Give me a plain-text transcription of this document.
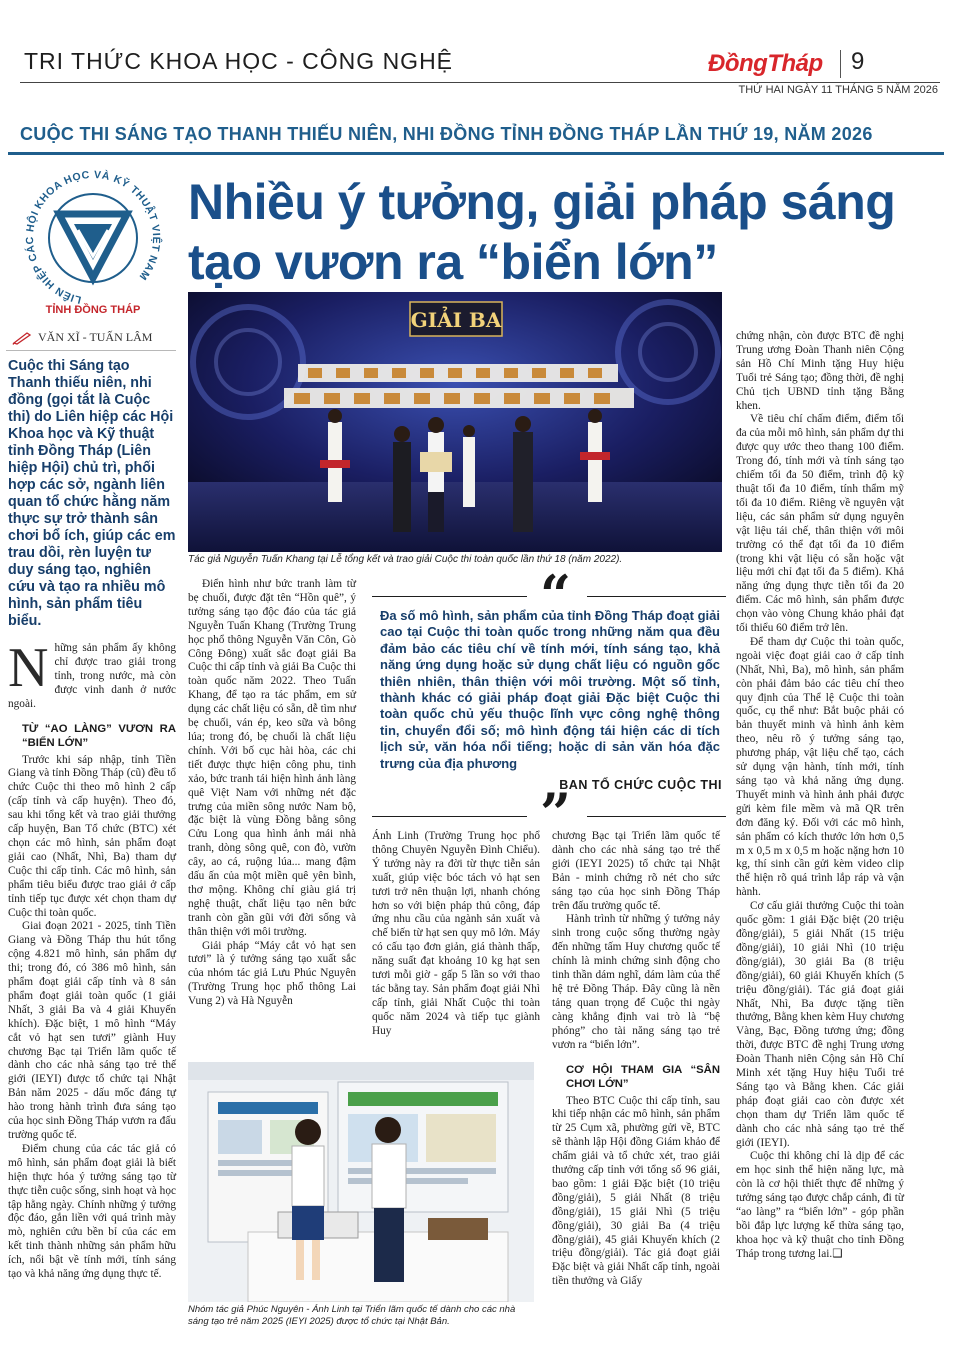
TRI THỨC KHOA HỌC - CÔNG NGHỆ	ĐồngTháp 9
THỨ HAI NGÀY 11 THÁNG 5 NĂM 2026
CUỘC THI SÁNG TẠO THANH THIẾU NIÊN, NHI ĐỒNG TỈNH ĐỒNG THÁP LẦN THỨ 19, NĂM 2026
LIÊN HIỆP CÁC HỘI KHOA HỌC VÀ KỸ THUẬT VIỆT NAM
TỈNH ĐỒNG THÁP
Nhiều ý tưởng, giải pháp sáng tạo vươn ra “biển lớn”
VĂN XĨ - TUẤN LÂM
Cuộc thi Sáng tạo Thanh thiếu niên, nhi đồng (gọi tắt là Cuộc thi) do Liên hiệp các Hội Khoa học và Kỹ thuật tỉnh Đồng Tháp (Liên hiệp Hội) chủ trì, phối hợp các sở, ngành liên quan tổ chức hằng năm thực sự trở thành sân chơi bổ ích, giúp các em trau dồi, rèn luyện tư duy sáng tạo, nghiên cứu và tạo ra nhiều mô hình, sản phẩm tiêu biểu.

Những sản phẩm ấy không chỉ được trao giải trong tỉnh, trong nước, mà còn được vinh danh ở nước ngoài.

TỪ “AO LÀNG” VƯƠN RA “BIỂN LỚN”

Trước khi sáp nhập, tỉnh Tiền Giang và tỉnh Đồng Tháp (cũ) đều tổ chức Cuộc thi theo mô hình 2 cấp (cấp tỉnh và cấp huyện). Theo đó, sau khi tổng kết và trao giải thưởng cấp huyện, Ban Tổ chức (BTC) xét chọn các mô hình, sản phẩm đoạt giải cao (Nhất, Nhì, Ba) tham dự Cuộc thi cấp tỉnh. Các mô hình, sản phẩm tiêu biểu được trao giải ở cấp tỉnh tiếp tục được xét chọn tham dự Cuộc thi toàn quốc.

Giai đoạn 2021 - 2025, tỉnh Tiền Giang và Đồng Tháp thu hút tổng cộng 4.821 mô hình, sản phẩm dự thi; trong đó, có 386 mô hình, sản phẩm đoạt giải cấp tỉnh và 8 sản phẩm đoạt giải toàn quốc (1 giải Nhất, 3 giải Ba và 4 giải Khuyến khích). Đặc biệt, 1 mô hình “Máy cắt vỏ hạt sen tươi” giành Huy chương Bạc tại Triển lãm quốc tế dành cho các nhà sáng tạo trẻ thế giới (IEYI) được tổ chức tại Nhật Bản năm 2025 - dấu mốc đáng tự hào trong hành trình đưa sáng tạo của học sinh Đồng Tháp vươn ra đấu trường quốc tế.

Điểm chung của các tác giả có mô hình, sản phẩm đoạt giải là biết hiện thực hóa ý tưởng sáng tạo từ thực tiễn cuộc sống, sinh hoạt và học tập hằng ngày. Chính những ý tưởng độc đáo, gắn liền với quá trình mày mò, nghiên cứu bền bỉ của các em kết tinh thành những sản phẩm hữu ích, nổi bật về tính mới, tính sáng tạo và khả năng ứng dụng thực tế.

GIẢI BA
Tác giả Nguyễn Tuấn Khang tại Lễ tổng kết và trao giải Cuộc thi toàn quốc lần thứ 18 (năm 2022).

Điển hình như bức tranh làm từ bẹ chuối, được đặt tên “Hồn quê”, ý tưởng sáng tạo độc đáo của tác giả Nguyễn Tuấn Khang (Trường Trung học phổ thông Nguyễn Văn Côn, Gò Công Đông) xuất sắc đoạt giải Ba Cuộc thi cấp tỉnh và giải Ba Cuộc thi toàn quốc năm 2022. Theo Tuấn Khang, để tạo ra tác phẩm, em sử dụng các chất liệu có sẵn, dễ tìm như bẹ chuối, ván ép, keo sữa và bông lúa; trong đó, bẹ chuối là chất liệu chính. Với bố cục hài hòa, các chi tiết được thực hiện công phu, tinh xảo, bức tranh tái hiện hình ảnh làng quê Việt Nam với những nét đặc trưng của miền sông nước Nam bộ, đặc biệt là vùng Đồng bằng sông Cửu Long qua hình ảnh mái nhà tranh, dòng sông quê, con đò, vườn cây, ao cá, ruộng lúa... mang đậm dấu ấn của một miền quê yên bình, thơ mộng. Không chỉ giàu giá trị nghệ thuật, chất liệu tạo nên bức tranh còn gần gũi với đời sống và thân thiện với môi trường.

Giải pháp “Máy cắt vỏ hạt sen tươi” là ý tưởng sáng tạo xuất sắc của nhóm tác giả Lưu Phúc Nguyên (Trường Trung học phổ thông Lai Vung 2) và Hà Nguyễn

“
Đa số mô hình, sản phẩm của tỉnh Đồng Tháp đoạt giải cao tại Cuộc thi toàn quốc trong những năm qua đều đảm bảo các tiêu chí về tính mới, tính sáng tạo, khả năng ứng dụng hoặc sử dụng chất liệu có nguồn gốc thiên nhiên, thân thiện với môi trường. Một số tỉnh, thành khác có giải pháp đoạt giải Đặc biệt Cuộc thi toàn quốc chủ yếu thuộc lĩnh vực công nghệ thông tin, chuyển đổi số; mô hình động tái hiện các di tích lịch sử, văn hóa nổi tiếng; hoặc di sản văn hóa đặc trưng của địa phương
BAN TỔ CHỨC CUỘC THI
”

Ánh Linh (Trường Trung học phổ thông Chuyên Nguyễn Đình Chiểu). Ý tưởng này ra đời từ thực tiễn sản xuất, giúp việc bóc tách vỏ hạt sen tươi trở nên thuận lợi, nhanh chóng hơn so với biện pháp thủ công, đáp ứng nhu cầu của ngành sản xuất và chế biến từ hạt sen quy mô lớn. Máy có cấu tạo đơn giản, giá thành thấp, năng suất đạt khoảng 10 kg hạt sen tươi mỗi giờ - gấp 5 lần so với thao tác bằng tay. Sản phẩm đoạt giải Nhì cấp tỉnh, giải Nhất Cuộc thi toàn quốc năm 2024 và tiếp tục giành Huy

Nhóm tác giả Phúc Nguyên - Ánh Linh tại Triển lãm quốc tế dành cho các nhà sáng tạo trẻ năm 2025 (IEYI 2025) được tổ chức tại Nhật Bản.

chương Bạc tại Triển lãm quốc tế dành cho các nhà sáng tạo trẻ thế giới (IEYI 2025) tổ chức tại Nhật Bản - minh chứng rõ nét cho sức sáng tạo của học sinh Đồng Tháp trên đấu trường quốc tế.

Hành trình từ những ý tưởng nảy sinh trong cuộc sống thường ngày đến những tấm Huy chương quốc tế chính là minh chứng sinh động cho tinh thần dám nghĩ, dám làm của thế hệ trẻ Đồng Tháp. Đây cũng là nền tảng quan trọng để Cuộc thi ngày càng khẳng định vai trò là “bệ phóng” cho tài năng sáng tạo trẻ vươn ra “biển lớn”.

CƠ HỘI THAM GIA “SÂN CHƠI LỚN”

Theo BTC Cuộc thi cấp tỉnh, sau khi tiếp nhận các mô hình, sản phẩm từ 25 Cụm xã, phường gửi về, BTC sẽ thành lập Hội đồng Giám khảo để chấm giải và tổ chức xét, trao giải thưởng cấp tỉnh với tổng số 96 giải, bao gồm: 1 giải Đặc biệt (10 triệu đồng/giải), 5 giải Nhất (8 triệu đồng/giải), 15 giải Nhì (5 triệu đồng/giải), 30 giải Ba (4 triệu đồng/giải), 45 giải Khuyến khích (2 triệu đồng/giải). Tác giả đoạt giải Đặc biệt và giải Nhất cấp tỉnh, ngoài tiền thưởng và Giấy

chứng nhận, còn được BTC đề nghị Trung ương Đoàn Thanh niên Cộng sản Hồ Chí Minh tặng Huy hiệu Tuổi trẻ Sáng tạo; đồng thời, đề nghị Chủ tịch UBND tỉnh tặng Bằng khen.

Về tiêu chí chấm điểm, điểm tối đa của mỗi mô hình, sản phẩm dự thi được quy ước theo thang 100 điểm. Trong đó, tính mới và tính sáng tạo chiếm tối đa 50 điểm, trình độ kỹ thuật tối đa 10 điểm, tính thẩm mỹ tối đa 10 điểm. Riêng về nguyên vật liệu, các sản phẩm sử dụng nguyên vật liệu tái chế, thân thiện với môi trường có thể đạt tối đa 10 điểm (trong khi vật liệu có sẵn hoặc vật liệu mới chỉ đạt tối đa 5 điểm). Khả năng ứng dụng thực tiễn tối đa 20 điểm. Các mô hình, sản phẩm được chọn vào vòng Chung khảo phải đạt tối thiểu 60 điểm trở lên.

Để tham dự Cuộc thi toàn quốc, ngoài việc đoạt giải cao ở cấp tỉnh (Nhất, Nhì, Ba), mô hình, sản phẩm còn phải đảm bảo các tiêu chí theo quy định của Thể lệ Cuộc thi toàn quốc, cụ thể như: Bắt buộc phải có bản thuyết minh và hình ảnh kèm theo, nêu rõ ý tưởng sáng tạo, phương pháp, vật liệu chế tạo, cách sử dụng vận hành, tính mới, tính sáng tạo và khả năng ứng dụng. Thuyết minh và hình ảnh phải được gửi kèm file mềm và mã QR trên đơn đăng ký. Đối với các mô hình, sản phẩm có kích thước lớn hơn 0,5 m x 0,5 m x 0,5 m hoặc nặng hơn 10 kg, thí sinh cần gửi kèm video clip thể hiện rõ quá trình lắp ráp và vận hành.

Cơ cấu giải thưởng Cuộc thi toàn quốc gồm: 1 giải Đặc biệt (20 triệu đồng/giải), 5 giải Nhất (15 triệu đồng/giải), 10 giải Nhì (10 triệu đồng/giải), 30 giải Ba (8 triệu đồng/giải), 60 giải Khuyến khích (5 triệu đồng/giải). Tác giả đoạt giải Nhất, Nhì, Ba được tặng tiền thưởng, Bằng khen kèm Huy chương Vàng, Bạc, Đồng tương ứng; đồng thời, được BTC đề nghị Trung ương Đoàn Thanh niên Cộng sản Hồ Chí Minh xét tặng Huy hiệu Tuổi trẻ Sáng tạo và Bằng khen. Các giải pháp đoạt giải cao còn được xét chọn tham dự Triển lãm quốc tế dành cho các nhà sáng tạo trẻ thế giới (IEYI).

Cuộc thi không chỉ là dịp để các em học sinh thể hiện năng lực, mà còn là cơ hội thiết thực để những ý tưởng sáng tạo được chắp cánh, đi từ “ao làng” ra “biển lớn” - góp phần bồi đắp lực lượng kế thừa sáng tạo, khoa học và kỹ thuật cho tỉnh Đồng Tháp trong tương lai.❑
